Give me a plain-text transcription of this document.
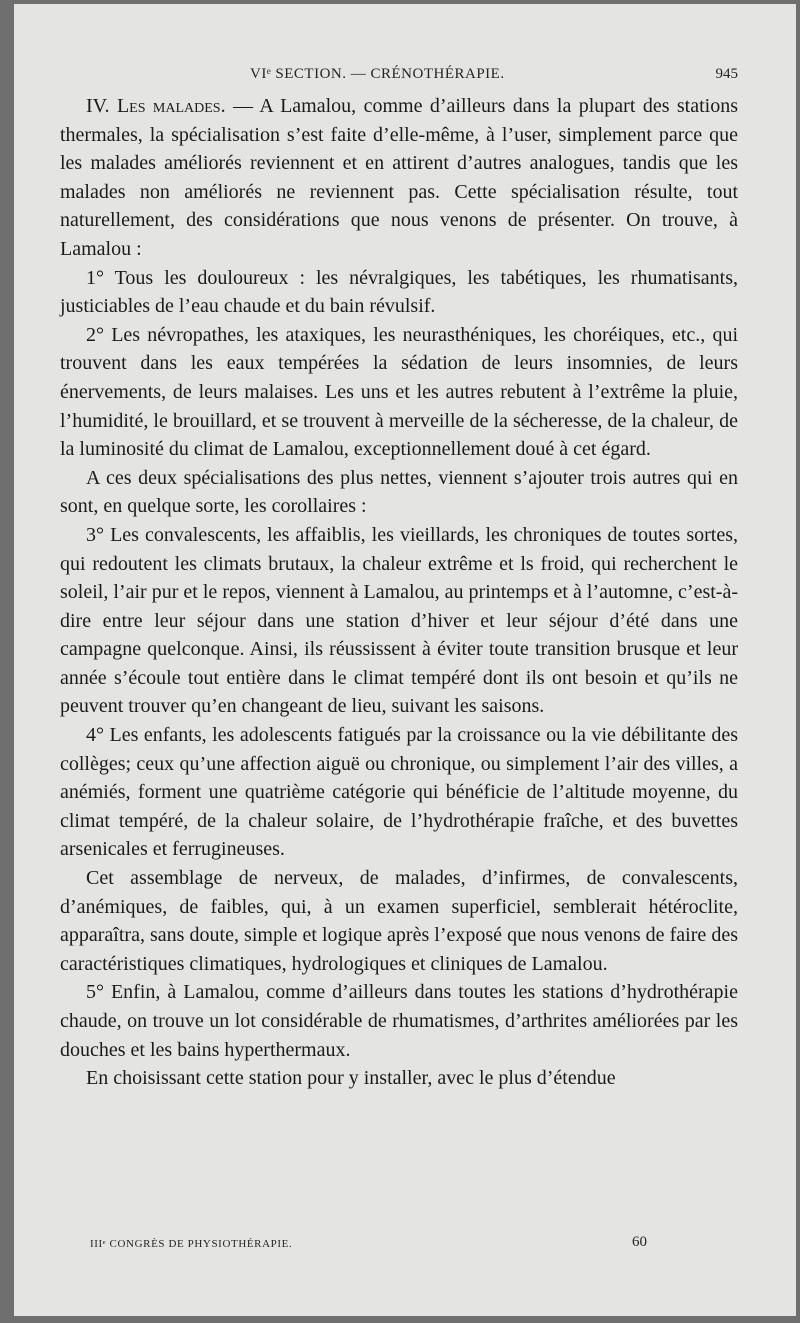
VIᵉ SECTION. — CRÉNOTHÉRAPIE.	945

IV. Les malades. — A Lamalou, comme d’ailleurs dans la plupart des stations thermales, la spécialisation s’est faite d’elle-même, à l’user, simplement parce que les malades améliorés reviennent et en attirent d’autres analogues, tandis que les malades non améliorés ne reviennent pas. Cette spécialisation résulte, tout naturellement, des considérations que nous venons de présenter. On trouve, à Lamalou :

1° Tous les douloureux : les névralgiques, les tabétiques, les rhumatisants, justiciables de l’eau chaude et du bain révulsif.

2° Les névropathes, les ataxiques, les neurasthéniques, les choréiques, etc., qui trouvent dans les eaux tempérées la sédation de leurs insomnies, de leurs énervements, de leurs malaises. Les uns et les autres rebutent à l’extrême la pluie, l’humidité, le brouillard, et se trouvent à merveille de la sécheresse, de la chaleur, de la luminosité du climat de Lamalou, exceptionnellement doué à cet égard.

A ces deux spécialisations des plus nettes, viennent s’ajouter trois autres qui en sont, en quelque sorte, les corollaires :

3° Les convalescents, les affaiblis, les vieillards, les chroniques de toutes sortes, qui redoutent les climats brutaux, la chaleur extrême et ls froid, qui recherchent le soleil, l’air pur et le repos, viennent à Lamalou, au printemps et à l’automne, c’est-à-dire entre leur séjour dans une station d’hiver et leur séjour d’été dans une campagne quelconque. Ainsi, ils réussissent à éviter toute transition brusque et leur année s’écoule tout entière dans le climat tempéré dont ils ont besoin et qu’ils ne peuvent trouver qu’en changeant de lieu, suivant les saisons.

4° Les enfants, les adolescents fatigués par la croissance ou la vie débilitante des collèges; ceux qu’une affection aiguë ou chronique, ou simplement l’air des villes, a anémiés, forment une quatrième catégorie qui bénéficie de l’altitude moyenne, du climat tempéré, de la chaleur solaire, de l’hydrothérapie fraîche, et des buvettes arsenicales et ferrugineuses.

Cet assemblage de nerveux, de malades, d’infirmes, de convalescents, d’anémiques, de faibles, qui, à un examen superficiel, semblerait hétéroclite, apparaîtra, sans doute, simple et logique après l’exposé que nous venons de faire des caractéristiques climatiques, hydrologiques et cliniques de Lamalou.

5° Enfin, à Lamalou, comme d’ailleurs dans toutes les stations d’hydrothérapie chaude, on trouve un lot considérable de rhumatismes, d’arthrites améliorées par les douches et les bains hyperthermaux.

En choisissant cette station pour y installer, avec le plus d’étendue

IIIᵉ CONGRÈS DE PHYSIOTHÉRAPIE.	60
